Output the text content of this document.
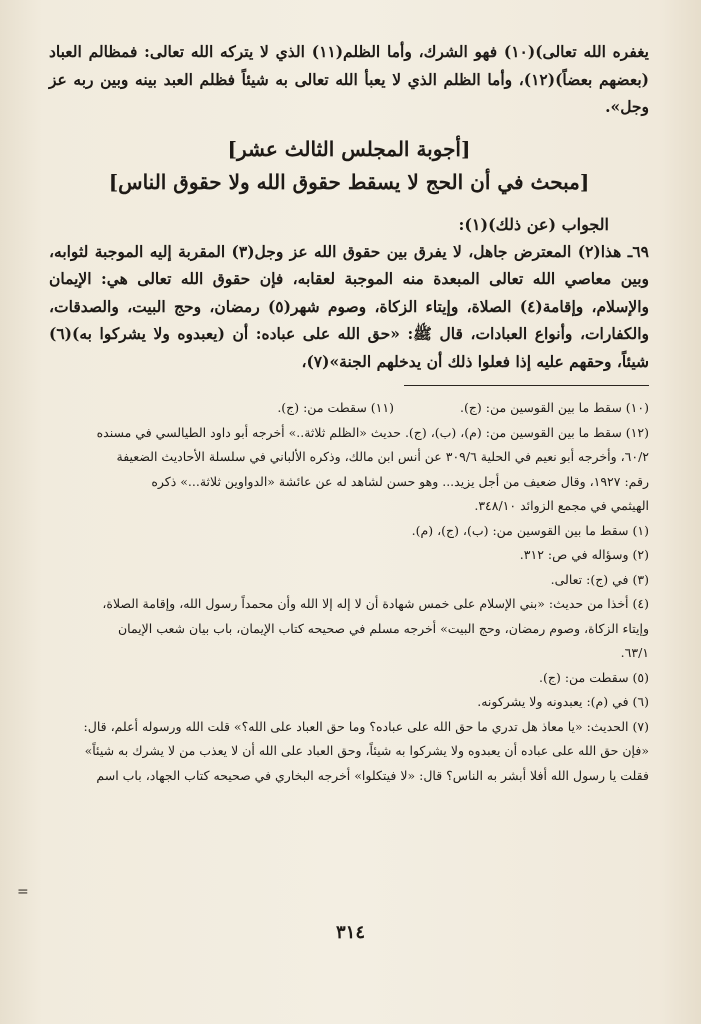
يغفره الله تعالى)(١٠) فهو الشرك، وأما الظلم(١١) الذي لا يتركه الله تعالى: فمظالم العباد (بعضهم بعضاً)(١٢)، وأما الظلم الذي لا يعبأ الله تعالى به شيئاً فظلم العبد بينه وبين ربه عز وجل».

[أجوبة المجلس الثالث عشر]
[مبحث في أن الحج لا يسقط حقوق الله ولا حقوق الناس]

الجواب (عن ذلك)(١):

٦٩ـ هذا(٢) المعترض جاهل، لا يفرق بين حقوق الله عز وجل(٣) المقربة إليه الموجبة لثوابه، وبين معاصي الله تعالى المبعدة منه الموجبة لعقابه، فإن حقوق الله تعالى هي: الإيمان والإسلام، وإقامة(٤) الصلاة، وإيتاء الزكاة، وصوم شهر(٥) رمضان، وحج البيت، والصدقات، والكفارات، وأنواع العبادات، قال ﷺ: «حق الله على عباده: أن (يعبدوه ولا يشركوا به)(٦) شيئاً، وحقهم عليه إذا فعلوا ذلك أن يدخلهم الجنة»(٧)،

(١٠) سقط ما بين القوسين من: (ج).

(١١) سقطت من: (ج).

(١٢) سقط ما بين القوسين من: (م)، (ب)، (ج). حديث «الظلم ثلاثة..» أخرجه أبو داود الطيالسي في مسنده

٦٠/٢، وأخرجه أبو نعيم في الحلية ٣٠٩/٦ عن أنس ابن مالك، وذكره الألباني في سلسلة الأحاديث الضعيفة

رقم: ١٩٢٧، وقال ضعيف من أجل يزيد... وهو حسن لشاهد له عن عائشة «الدواوين ثلاثة...» ذكره

الهيثمي في مجمع الزوائد ٣٤٨/١٠.

(١) سقط ما بين القوسين من: (ب)، (ج)، (م).

(٢) وسؤاله في ص: ٣١٢.

(٣) في (ج): تعالى.

(٤) أخذا من حديث: «بني الإسلام على خمس شهادة أن لا إله إلا الله وأن محمداً رسول الله، وإقامة الصلاة،

وإيتاء الزكاة، وصوم رمضان، وحج البيت» أخرجه مسلم في صحيحه كتاب الإيمان، باب بيان شعب الإيمان

٦٣/١.

(٥) سقطت من: (ج).

(٦) في (م): يعبدونه ولا يشركونه.

(٧) الحديث: «يا معاذ هل تدري ما حق الله على عباده؟ وما حق العباد على الله؟» قلت الله ورسوله أعلم، قال:

«فإن حق الله على عباده أن يعبدوه ولا يشركوا به شيئاً، وحق العباد على الله أن لا يعذب من لا يشرك به شيئاً»

فقلت يا رسول الله أفلا أبشر به الناس؟ قال: «لا فيتكلوا» أخرجه البخاري في صحيحه كتاب الجهاد، باب اسم

=
٣١٤
